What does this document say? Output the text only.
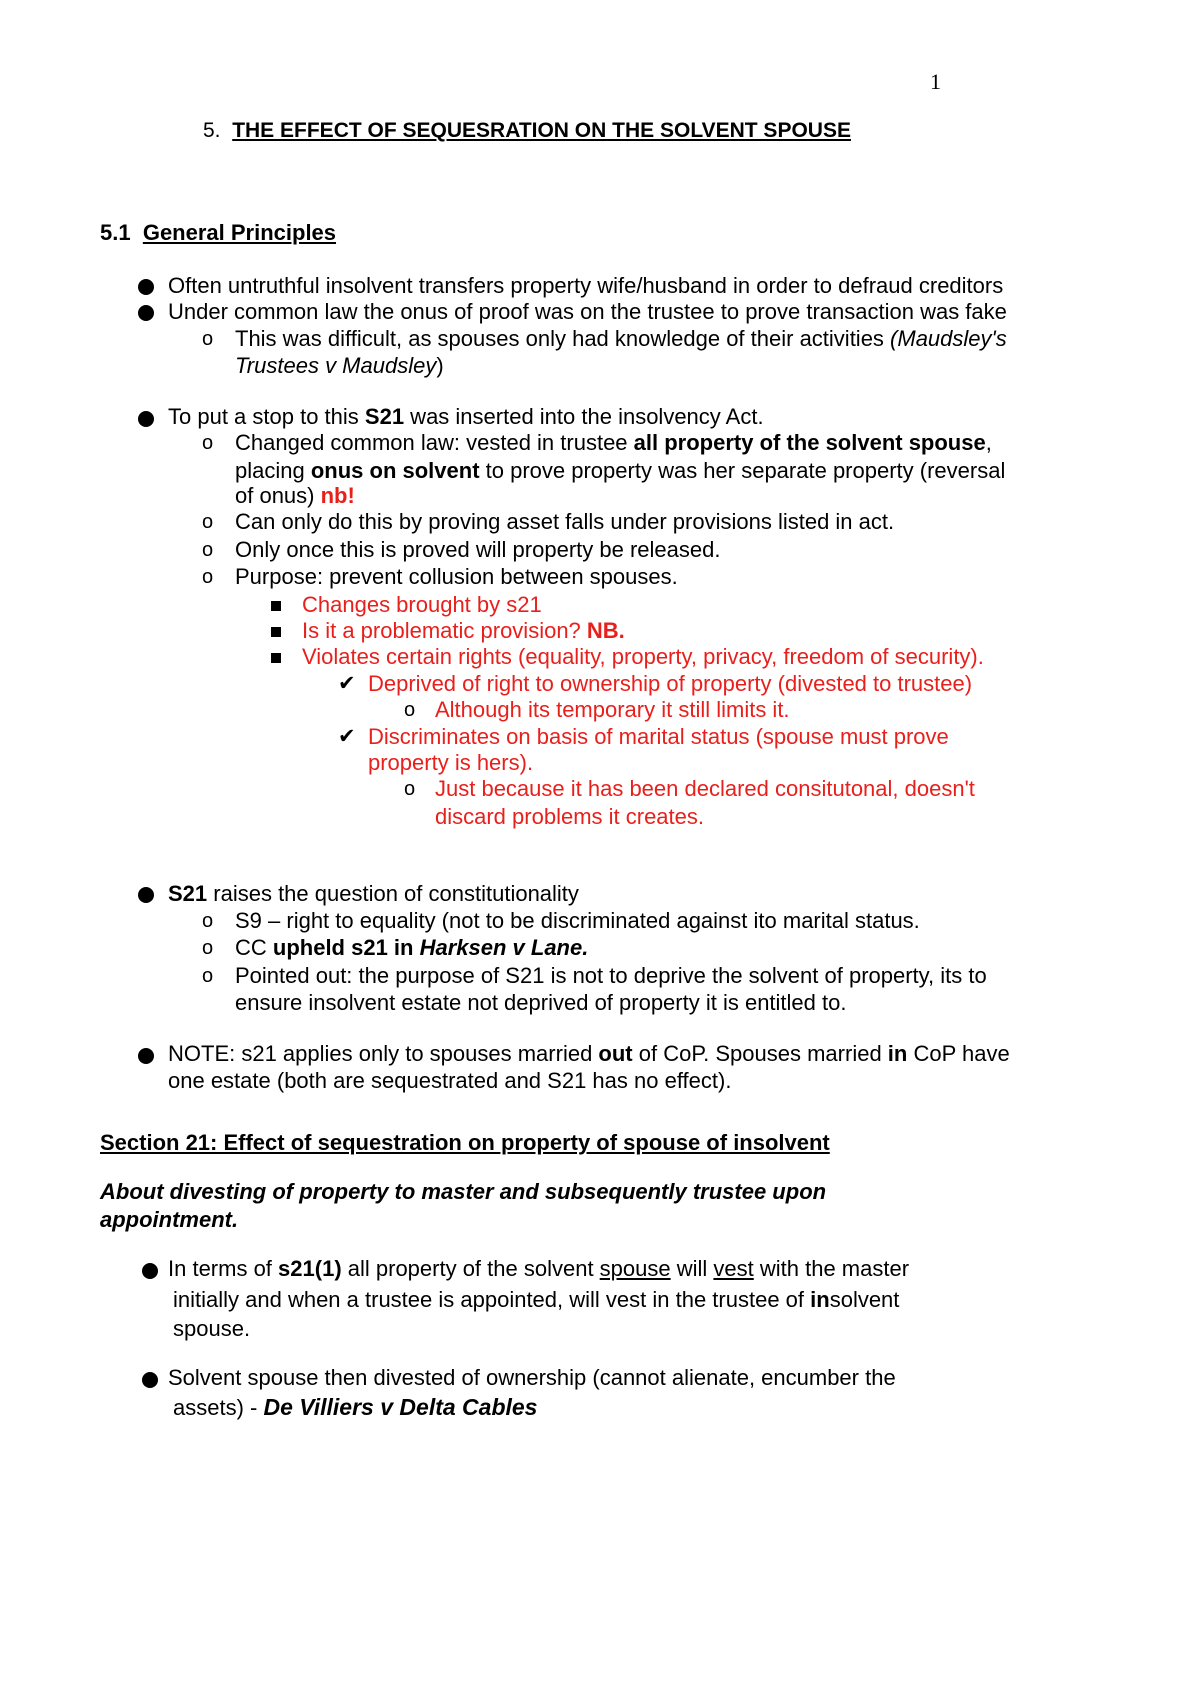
1
5. THE EFFECT OF SEQUESRATION ON THE SOLVENT SPOUSE
5.1 General Principles
Often untruthful insolvent transfers property wife/husband in order to defraud creditors
Under common law the onus of proof was on the trustee to prove transaction was fake
o This was difficult, as spouses only had knowledge of their activities (Maudsley's
Trustees v Maudsley)
To put a stop to this S21 was inserted into the insolvency Act.
o Changed common law: vested in trustee all property of the solvent spouse,
placing onus on solvent to prove property was her separate property (reversal
of onus) nb!
o Can only do this by proving asset falls under provisions listed in act.
o Only once this is proved will property be released.
o Purpose: prevent collusion between spouses.
Changes brought by s21
Is it a problematic provision? NB.
Violates certain rights (equality, property, privacy, freedom of security).
✔ Deprived of right to ownership of property (divested to trustee)
o Although its temporary it still limits it.
✔ Discriminates on basis of marital status (spouse must prove
property is hers).
o Just because it has been declared consitutonal, doesn't
discard problems it creates.
S21 raises the question of constitutionality
o S9 – right to equality (not to be discriminated against ito marital status.
o CC upheld s21 in Harksen v Lane.
o Pointed out: the purpose of S21 is not to deprive the solvent of property, its to
ensure insolvent estate not deprived of property it is entitled to.
NOTE: s21 applies only to spouses married out of CoP. Spouses married in CoP have
one estate (both are sequestrated and S21 has no effect).
Section 21: Effect of sequestration on property of spouse of insolvent
About divesting of property to master and subsequently trustee upon
appointment.
In terms of s21(1) all property of the solvent spouse will vest with the master
initially and when a trustee is appointed, will vest in the trustee of insolvent
spouse.
Solvent spouse then divested of ownership (cannot alienate, encumber the
assets) - De Villiers v Delta Cables
